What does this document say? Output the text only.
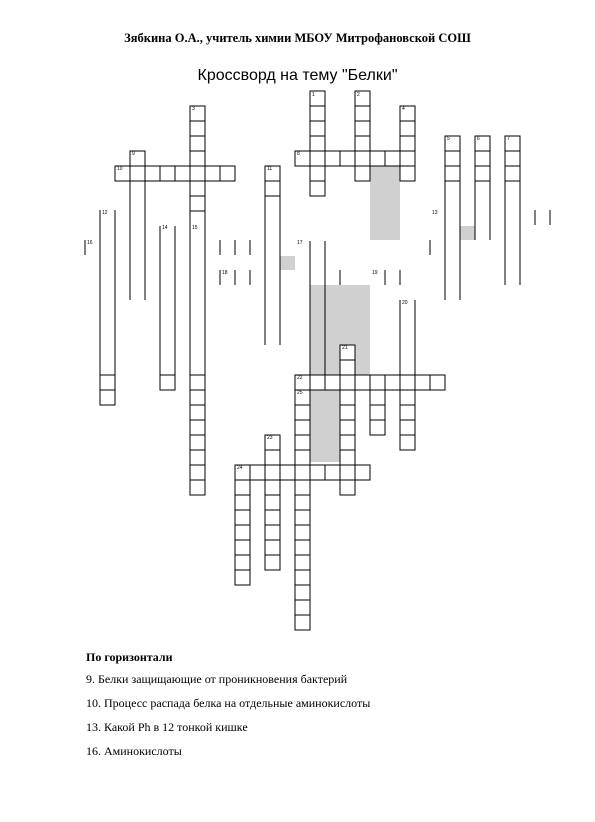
Зябкина О.А., учитель химии МБОУ Митрофановской СОШ
Кроссворд на тему "Белки"
1	2
3	4
5	6	7
8
9
10	11
12	13
14	15
16	17
18	19
20
21
22
23
24
25
По горизонтали
9. Белки защищающие от проникновения бактерий
10. Процесс распада белка на отдельные аминокислоты
13. Какой Ph в 12 тонкой кишке
16. Аминокислоты
